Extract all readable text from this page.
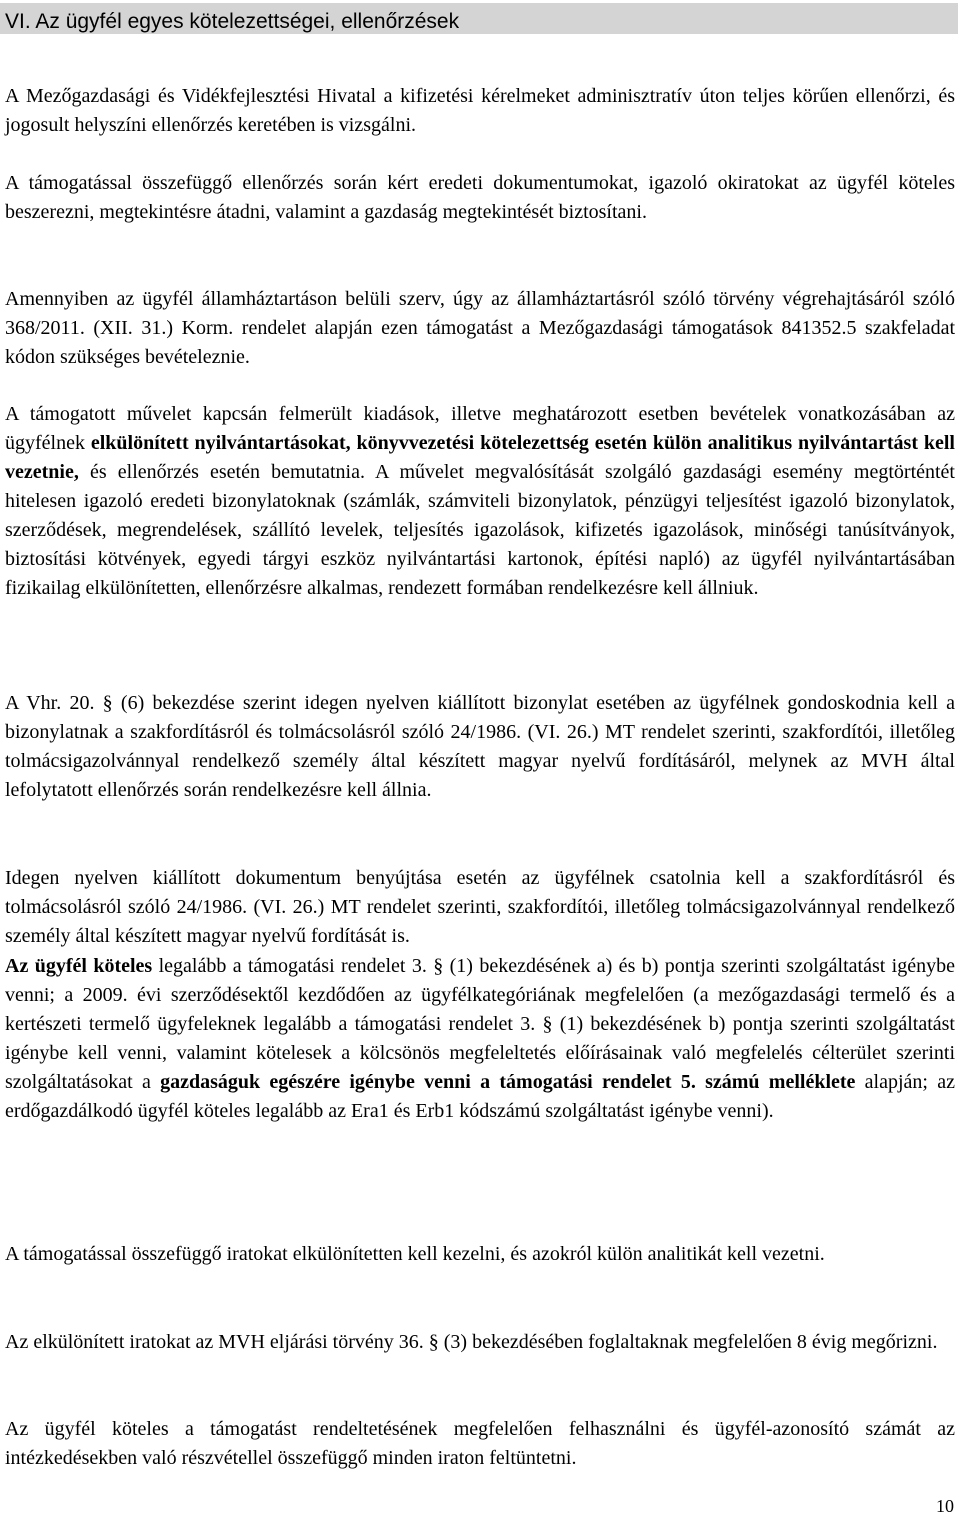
VI. Az ügyfél egyes kötelezettségei, ellenőrzések

A Mezőgazdasági és Vidékfejlesztési Hivatal a kifizetési kérelmeket adminisztratív úton teljes körűen ellenőrzi, és jogosult helyszíni ellenőrzés keretében is vizsgálni.

A támogatással összefüggő ellenőrzés során kért eredeti dokumentumokat, igazoló okiratokat az ügyfél köteles beszerezni, megtekintésre átadni, valamint a gazdaság megtekintését biztosítani.

Amennyiben az ügyfél államháztartáson belüli szerv, úgy az államháztartásról szóló törvény végrehajtásáról szóló 368/2011. (XII. 31.) Korm. rendelet alapján ezen támogatást a Mezőgazdasági támogatások 841352.5 szakfeladat kódon szükséges bevételeznie.

A támogatott művelet kapcsán felmerült kiadások, illetve meghatározott esetben bevételek vonatkozásában az ügyfélnek elkülönített nyilvántartásokat, könyvvezetési kötelezettség esetén külön analitikus nyilvántartást kell vezetnie, és ellenőrzés esetén bemutatnia. A művelet megvalósítását szolgáló gazdasági esemény megtörténtét hitelesen igazoló eredeti bizonylatoknak (számlák, számviteli bizonylatok, pénzügyi teljesítést igazoló bizonylatok, szerződések, megrendelések, szállító levelek, teljesítés igazolások, kifizetés igazolások, minőségi tanúsítványok, biztosítási kötvények, egyedi tárgyi eszköz nyilvántartási kartonok, építési napló) az ügyfél nyilvántartásában fizikailag elkülönítetten, ellenőrzésre alkalmas, rendezett formában rendelkezésre kell állniuk.

A Vhr. 20. § (6) bekezdése szerint idegen nyelven kiállított bizonylat esetében az ügyfélnek gondoskodnia kell a bizonylatnak a szakfordításról és tolmácsolásról szóló 24/1986. (VI. 26.) MT rendelet szerinti, szakfordítói, illetőleg tolmácsigazolvánnyal rendelkező személy által készített magyar nyelvű fordításáról, melynek az MVH által lefolytatott ellenőrzés során rendelkezésre kell állnia.

Idegen nyelven kiállított dokumentum benyújtása esetén az ügyfélnek csatolnia kell a szakfordításról és tolmácsolásról szóló 24/1986. (VI. 26.) MT rendelet szerinti, szakfordítói, illetőleg tolmácsigazolvánnyal rendelkező személy által készített magyar nyelvű fordítását is.

Az ügyfél köteles legalább a támogatási rendelet 3. § (1) bekezdésének a) és b) pontja szerinti szolgáltatást igénybe venni; a 2009. évi szerződésektől kezdődően az ügyfélkategóriának megfelelően (a mezőgazdasági termelő és a kertészeti termelő ügyfeleknek legalább a támogatási rendelet 3. § (1) bekezdésének b) pontja szerinti szolgáltatást igénybe kell venni, valamint kötelesek a kölcsönös megfeleltetés előírásainak való megfelelés célterület szerinti szolgáltatásokat a gazdaságuk egészére igénybe venni a támogatási rendelet 5. számú melléklete alapján; az erdőgazdálkodó ügyfél köteles legalább az Era1 és Erb1 kódszámú szolgáltatást igénybe venni).

A támogatással összefüggő iratokat elkülönítetten kell kezelni, és azokról külön analitikát kell vezetni.

Az elkülönített iratokat az MVH eljárási törvény 36. § (3) bekezdésében foglaltaknak megfelelően 8 évig megőrizni.

Az ügyfél köteles a támogatást rendeltetésének megfelelően felhasználni és ügyfél-azonosító számát az intézkedésekben való részvétellel összefüggő minden iraton feltüntetni.

10
